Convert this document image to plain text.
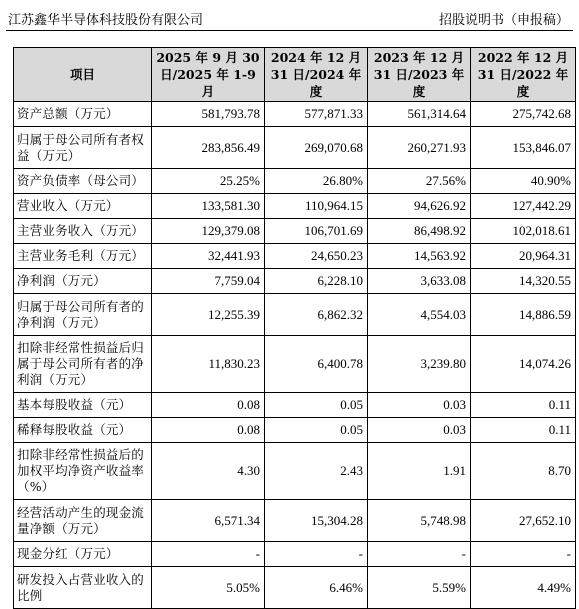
江苏鑫华半导体科技股份有限公司	招股说明书（申报稿）
项目	2025 年 9 月 30 日/2025 年 1-9 月	2024 年 12 月 31 日/2024 年度	2023 年 12 月 31 日/2023 年度	2022 年 12 月 31 日/2022 年度

资产总额（万元）	581,793.78	577,871.33	561,314.64	275,742.68
归属于母公司所有者权益（万元）	283,856.49	269,070.68	260,271.93	153,846.07
资产负债率（母公司）	25.25%	26.80%	27.56%	40.90%
营业收入（万元）	133,581.30	110,964.15	94,626.92	127,442.29
主营业务收入（万元）	129,379.08	106,701.69	86,498.92	102,018.61
主营业务毛利（万元）	32,441.93	24,650.23	14,563.92	20,964.31
净利润（万元）	7,759.04	6,228.10	3,633.08	14,320.55
归属于母公司所有者的净利润（万元）	12,255.39	6,862.32	4,554.03	14,886.59
扣除非经常性损益后归属于母公司所有者的净利润（万元）	11,830.23	6,400.78	3,239.80	14,074.26
基本每股收益（元）	0.08	0.05	0.03	0.11
稀释每股收益（元）	0.08	0.05	0.03	0.11
扣除非经常性损益后的加权平均净资产收益率（%）	4.30	2.43	1.91	8.70
经营活动产生的现金流量净额（万元）	6,571.34	15,304.28	5,748.98	27,652.10
现金分红（万元）	-	-	-	-
研发投入占营业收入的比例	5.05%	6.46%	5.59%	4.49%
